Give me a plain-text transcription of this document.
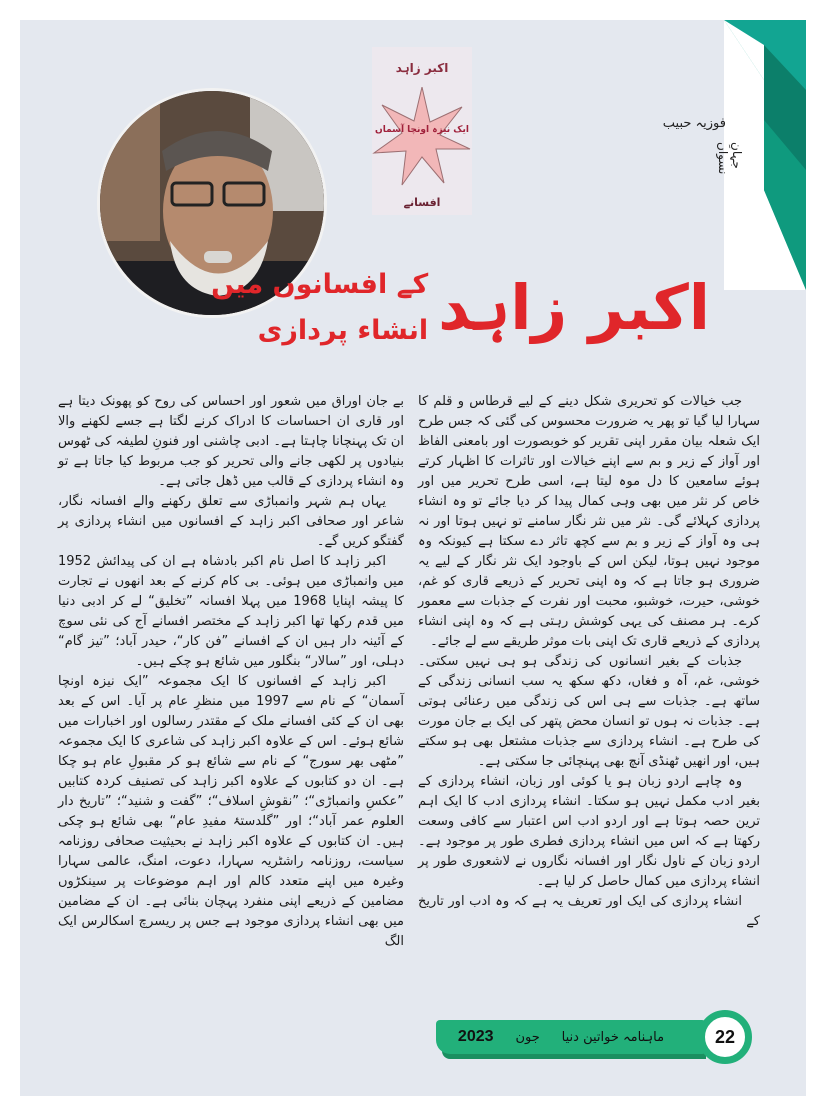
جہانِ نسواں
اکبر زاہد
ایک نیزہ اونچا آسماں
افسانے
فوزیہ حبیب
اکبر زاہد
کے افسانوں میں
انشاء پردازی

جب خیالات کو تحریری شکل دینے کے لیے قرطاس و قلم کا سہارا لیا گیا تو پھر یہ ضرورت محسوس کی گئی کہ جس طرح ایک شعلہ بیان مقرر اپنی تقریر کو خوبصورت اور بامعنی الفاظ اور آواز کے زیر و بم سے اپنے خیالات اور تاثرات کا اظہار کرتے ہوئے سامعین کا دل موہ لیتا ہے، اسی طرح تحریر میں اور خاص کر نثر میں بھی وہی کمال پیدا کر دیا جائے تو وہ انشاء پردازی کہلائے گی۔ نثر میں نثر نگار سامنے تو نہیں ہوتا اور نہ ہی وہ آواز کے زیر و بم سے کچھ تاثر دے سکتا ہے کیونکہ وہ موجود نہیں ہوتا، لیکن اس کے باوجود ایک نثر نگار کے لیے یہ ضروری ہو جاتا ہے کہ وہ اپنی تحریر کے ذریعے قاری کو غم، خوشی، حیرت، خوشبو، محبت اور نفرت کے جذبات سے معمور کرے۔ ہر مصنف کی یہی کوشش رہتی ہے کہ وہ اپنی انشاء پردازی کے ذریعے قاری تک اپنی بات موثر طریقے سے لے جائے۔

جذبات کے بغیر انسانوں کی زندگی ہو ہی نہیں سکتی۔ خوشی، غم، آہ و فغاں، دکھ سکھ یہ سب انسانی زندگی کے ساتھ ہے۔ جذبات سے ہی اس کی زندگی میں رعنائی ہوتی ہے۔ جذبات نہ ہوں تو انسان محض پتھر کی ایک بے جان مورت کی طرح ہے۔ انشاء پردازی سے جذبات مشتعل بھی ہو سکتے ہیں، اور انھیں ٹھنڈی آنچ بھی پہنچائی جا سکتی ہے۔

وہ چاہے اردو زبان ہو یا کوئی اور زبان، انشاء پردازی کے بغیر ادب مکمل نہیں ہو سکتا۔ انشاء پردازی ادب کا ایک اہم ترین حصہ ہوتا ہے اور اردو ادب اس اعتبار سے کافی وسعت رکھتا ہے کہ اس میں انشاء پردازی فطری طور پر موجود ہے۔ اردو زبان کے ناول نگار اور افسانہ نگاروں نے لاشعوری طور پر انشاء پردازی میں کمال حاصل کر لیا ہے۔

انشاء پردازی کی ایک اور تعریف یہ ہے کہ وہ ادب اور تاریخ کے

بے جان اوراق میں شعور اور احساس کی روح کو پھونک دیتا ہے اور قاری ان احساسات کا ادراک کرنے لگتا ہے جسے لکھنے والا ان تک پہنچانا چاہتا ہے۔ ادبی چاشنی اور فنونِ لطیفہ کی ٹھوس بنیادوں پر لکھی جانے والی تحریر کو جب مربوط کیا جاتا ہے تو وہ انشاء پردازی کے قالب میں ڈھل جاتی ہے۔

یہاں ہم شہر وانمباڑی سے تعلق رکھنے والے افسانہ نگار، شاعر اور صحافی اکبر زاہد کے افسانوں میں انشاء پردازی پر گفتگو کریں گے۔

اکبر زاہد کا اصل نام اکبر بادشاہ ہے ان کی پیدائش 1952 میں وانمباڑی میں ہوئی۔ بی کام کرنے کے بعد انھوں نے تجارت کا پیشہ اپنایا 1968 میں پہلا افسانہ ”تخلیق“ لے کر ادبی دنیا میں قدم رکھا تھا اکبر زاہد کے مختصر افسانے آج کی نئی سوچ کے آئینہ دار ہیں ان کے افسانے ”فن کار“، حیدر آباد؛ ”تیز گام“ دہلی، اور ”سالار“ بنگلور میں شائع ہو چکے ہیں۔

اکبر زاہد کے افسانوں کا ایک مجموعہ ”ایک نیزہ اونچا آسمان“ کے نام سے 1997 میں منظرِ عام پر آیا۔ اس کے بعد بھی ان کے کئی افسانے ملک کے مقتدر رسالوں اور اخبارات میں شائع ہوئے۔ اس کے علاوہ اکبر زاہد کی شاعری کا ایک مجموعہ ”مٹھی بھر سورج“ کے نام سے شائع ہو کر مقبولِ عام ہو چکا ہے۔ ان دو کتابوں کے علاوہ اکبر زاہد کی تصنیف کردہ کتابیں ”عکسِ وانمباڑی“؛ ”نقوشِ اسلاف“؛ ”گفت و شنید“؛ ”تاریخ دار العلوم عمر آباد“؛ اور ”گلدستۂ مفیدِ عام“ بھی شائع ہو چکی ہیں۔ ان کتابوں کے علاوہ اکبر زاہد نے بحیثیت صحافی روزنامہ سیاست، روزنامہ راشٹریہ سہارا، دعوت، امنگ، عالمی سہارا وغیرہ میں اپنے متعدد کالم اور اہم موضوعات پر سینکڑوں مضامین کے ذریعے اپنی منفرد پہچان بنائی ہے۔ ان کے مضامین میں بھی انشاء پردازی موجود ہے جس پر ریسرچ اسکالرس ایک الگ

2023 جون ماہنامہ خواتین دنیا	22
